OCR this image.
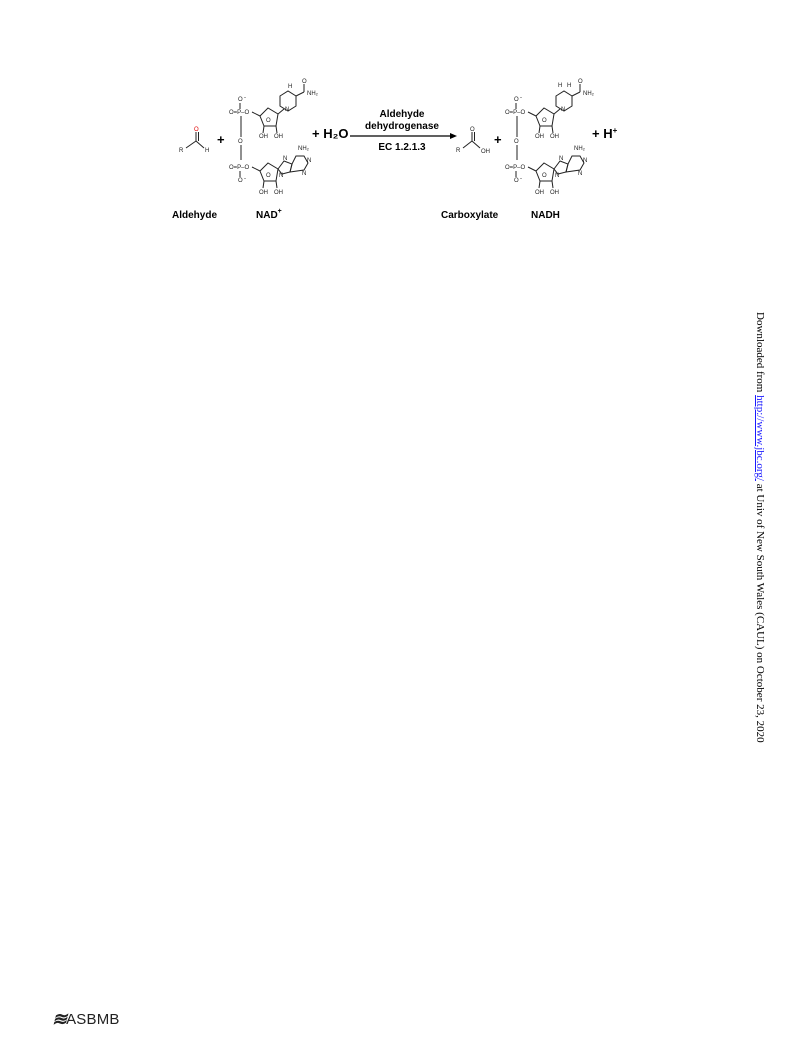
R	H
O
+
O -
O=P–O
O
O=P–O
O -
O
OH OH
N
H
O
NH₂
O
OH OH
N
N
NH₂
N
N
+ H₂O
Aldehyde
dehydrogenase
EC 1.2.1.3	R	OH
O
+
O -
O=P–O
O
O=P–O
O -
O
OH OH
N
H H
O
NH₂
O
OH OH
N
N
NH₂
N
N
+ H+
Aldehyde	NAD+	Carboxylate	NADH
Downloaded from http://www.jbc.org/ at Univ of New South Wales (CAUL) on October 23, 2020
≋ ASBMB
